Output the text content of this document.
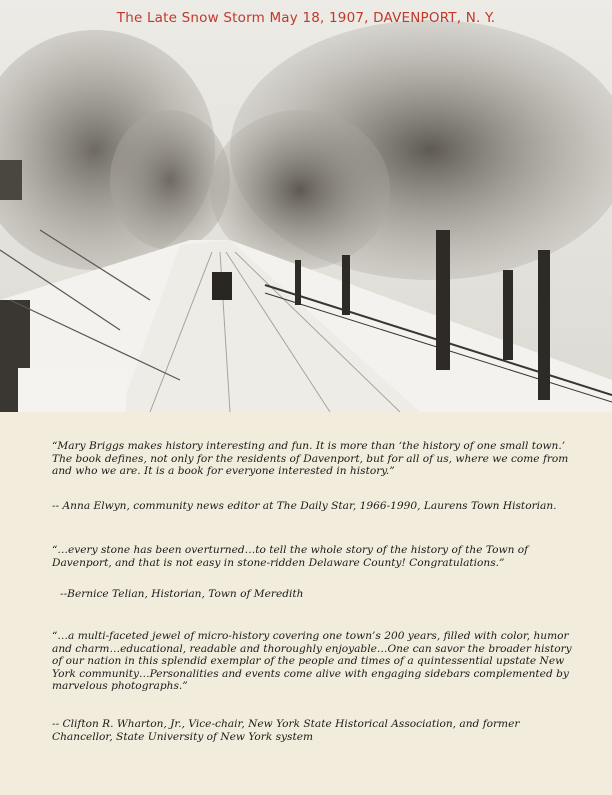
The Late Snow Storm May 18, 1907, DAVENPORT, N. Y.

“Mary Briggs makes history interesting and fun. It is more than ‘the history of one small town.’ The book defines, not only for the residents of Davenport, but for all of us, where we come from and who we are. It is a book for everyone interested in history.”

-- Anna Elwyn, community news editor at The Daily Star, 1966-1990, Laurens Town Historian.

“…every stone has been overturned…to tell the whole story of the history of the Town of Davenport, and that is not easy in stone-ridden Delaware County! Congratulations.”

--Bernice Telian, Historian, Town of Meredith

“…a multi-faceted jewel of micro-history covering one town’s 200 years, filled with color, humor and charm…educational, readable and thoroughly enjoyable…One can savor the broader history of our nation in this splendid exemplar of the people and times of a quintessential upstate New York community…Personalities and events come alive with engaging sidebars complemented by marvelous photographs.”

-- Clifton R. Wharton, Jr., Vice-chair, New York State Historical Association, and former Chancellor, State University of New York system
